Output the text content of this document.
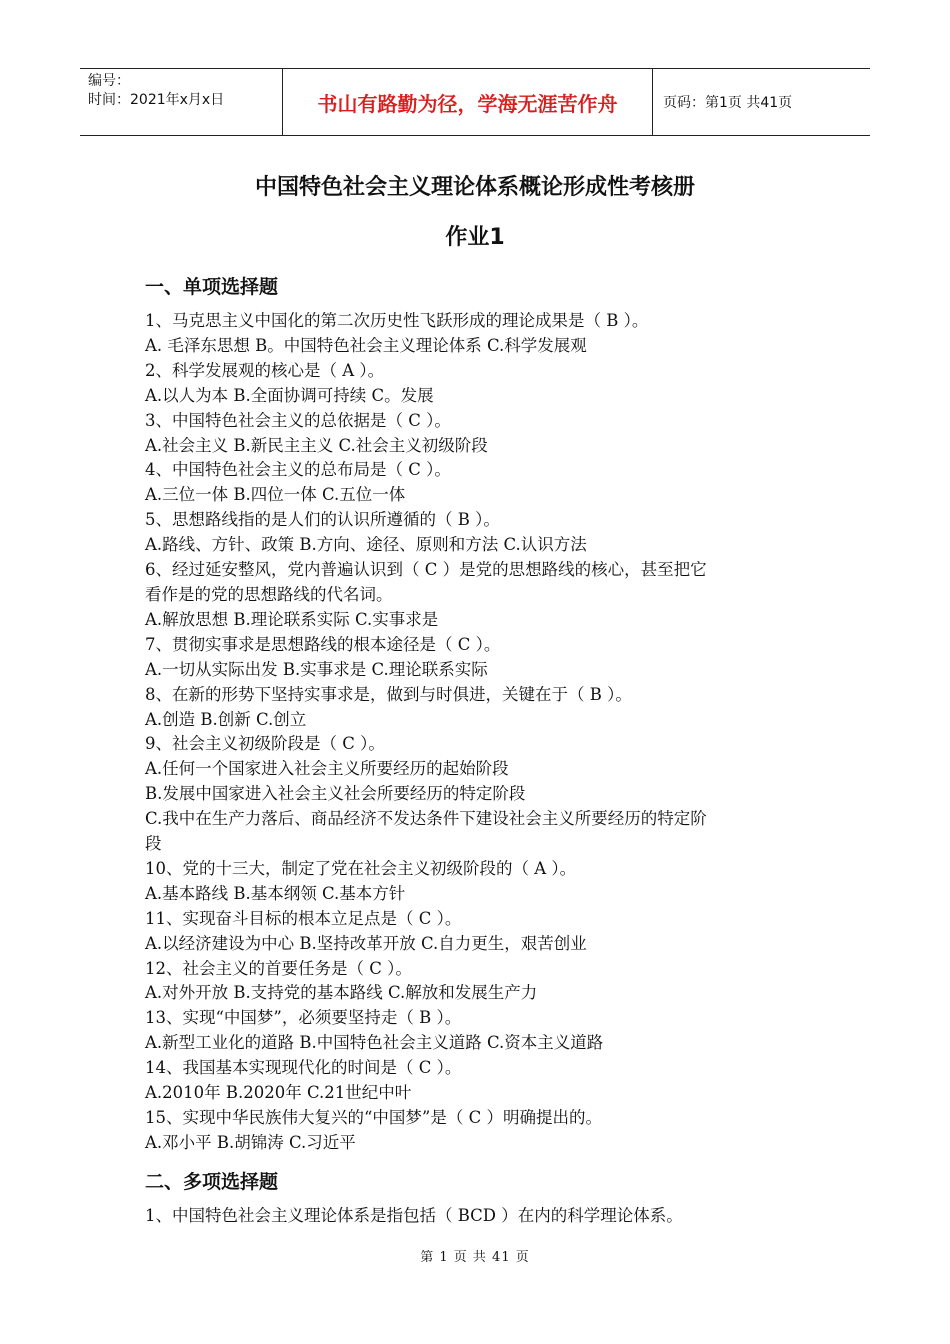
编号：
时间：2021年x月x日	书山有路勤为径，学海无涯苦作舟	页码：第1页 共41页
中国特色社会主义理论体系概论形成性考核册
作业1
一、单项选择题
1、马克思主义中国化的第二次历史性飞跃形成的理论成果是（ B ）。
A. 毛泽东思想 B。中国特色社会主义理论体系 C.科学发展观
2、科学发展观的核心是（ A ）。
A.以人为本 B.全面协调可持续 C。发展
3、中国特色社会主义的总依据是（ C ）。
A.社会主义 B.新民主主义 C.社会主义初级阶段
4、中国特色社会主义的总布局是（ C ）。
A.三位一体 B.四位一体 C.五位一体
5、思想路线指的是人们的认识所遵循的（ B ）。
A.路线、方针、政策 B.方向、途径、原则和方法 C.认识方法
6、经过延安整风，党内普遍认识到（ C ）是党的思想路线的核心，甚至把它
看作是的党的思想路线的代名词。
A.解放思想 B.理论联系实际 C.实事求是
7、贯彻实事求是思想路线的根本途径是（ C ）。
A.一切从实际出发 B.实事求是 C.理论联系实际
8、在新的形势下坚持实事求是，做到与时俱进，关键在于（ B ）。
A.创造 B.创新 C.创立
9、社会主义初级阶段是（ C ）。
A.任何一个国家进入社会主义所要经历的起始阶段
B.发展中国家进入社会主义社会所要经历的特定阶段
C.我中在生产力落后、商品经济不发达条件下建设社会主义所要经历的特定阶
段
10、党的十三大，制定了党在社会主义初级阶段的（ A ）。
A.基本路线 B.基本纲领 C.基本方针
11、实现奋斗目标的根本立足点是（ C ）。
A.以经济建设为中心 B.坚持改革开放 C.自力更生，艰苦创业
12、社会主义的首要任务是（ C ）。
A.对外开放 B.支持党的基本路线 C.解放和发展生产力
13、实现“中国梦”，必须要坚持走（ B ）。
A.新型工业化的道路 B.中国特色社会主义道路 C.资本主义道路
14、我国基本实现现代化的时间是（ C ）。
A.2010年 B.2020年 C.21世纪中叶
15、实现中华民族伟大复兴的“中国梦”是（ C ）明确提出的。
A.邓小平 B.胡锦涛 C.习近平
二、多项选择题
1、中国特色社会主义理论体系是指包括（ BCD ）在内的科学理论体系。
第 1 页 共 41 页
